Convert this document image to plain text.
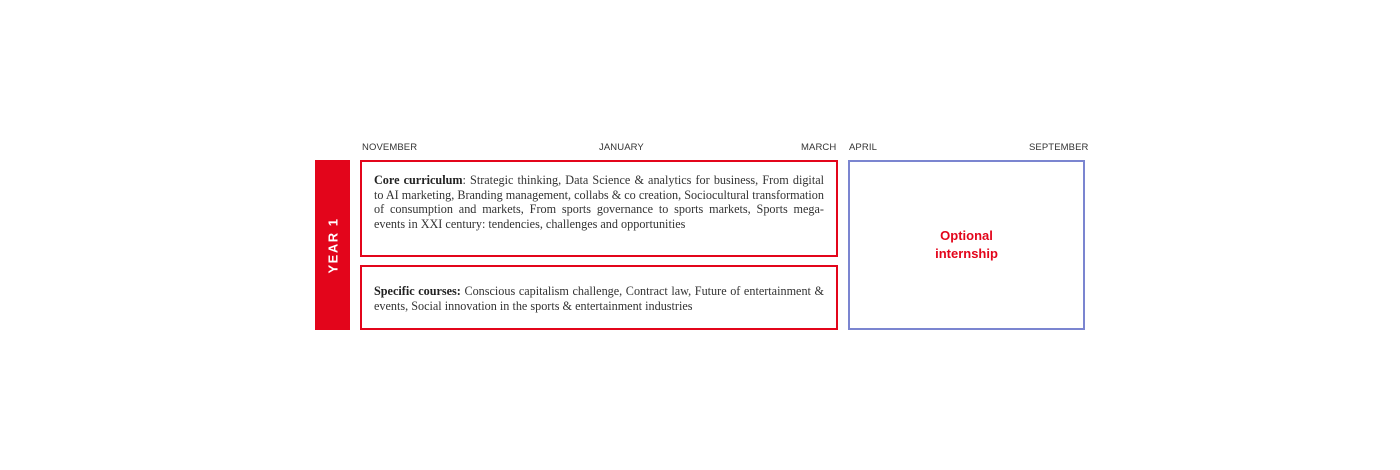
NOVEMBER	JANUARY	MARCH APRIL	SEPTEMBER
YEAR 1
Core curriculum: Strategic thinking, Data Science & analytics for business, From digital to AI marketing, Branding management, collabs & co creation, Sociocultural transformation of consumption and markets, From sports governance to sports markets, Sports mega-events in XXI century: tendencies, challenges and opportunities
Specific courses: Conscious capitalism challenge, Contract law, Future of entertainment & events, Social innovation in the sports & entertainment industries
Optional internship
